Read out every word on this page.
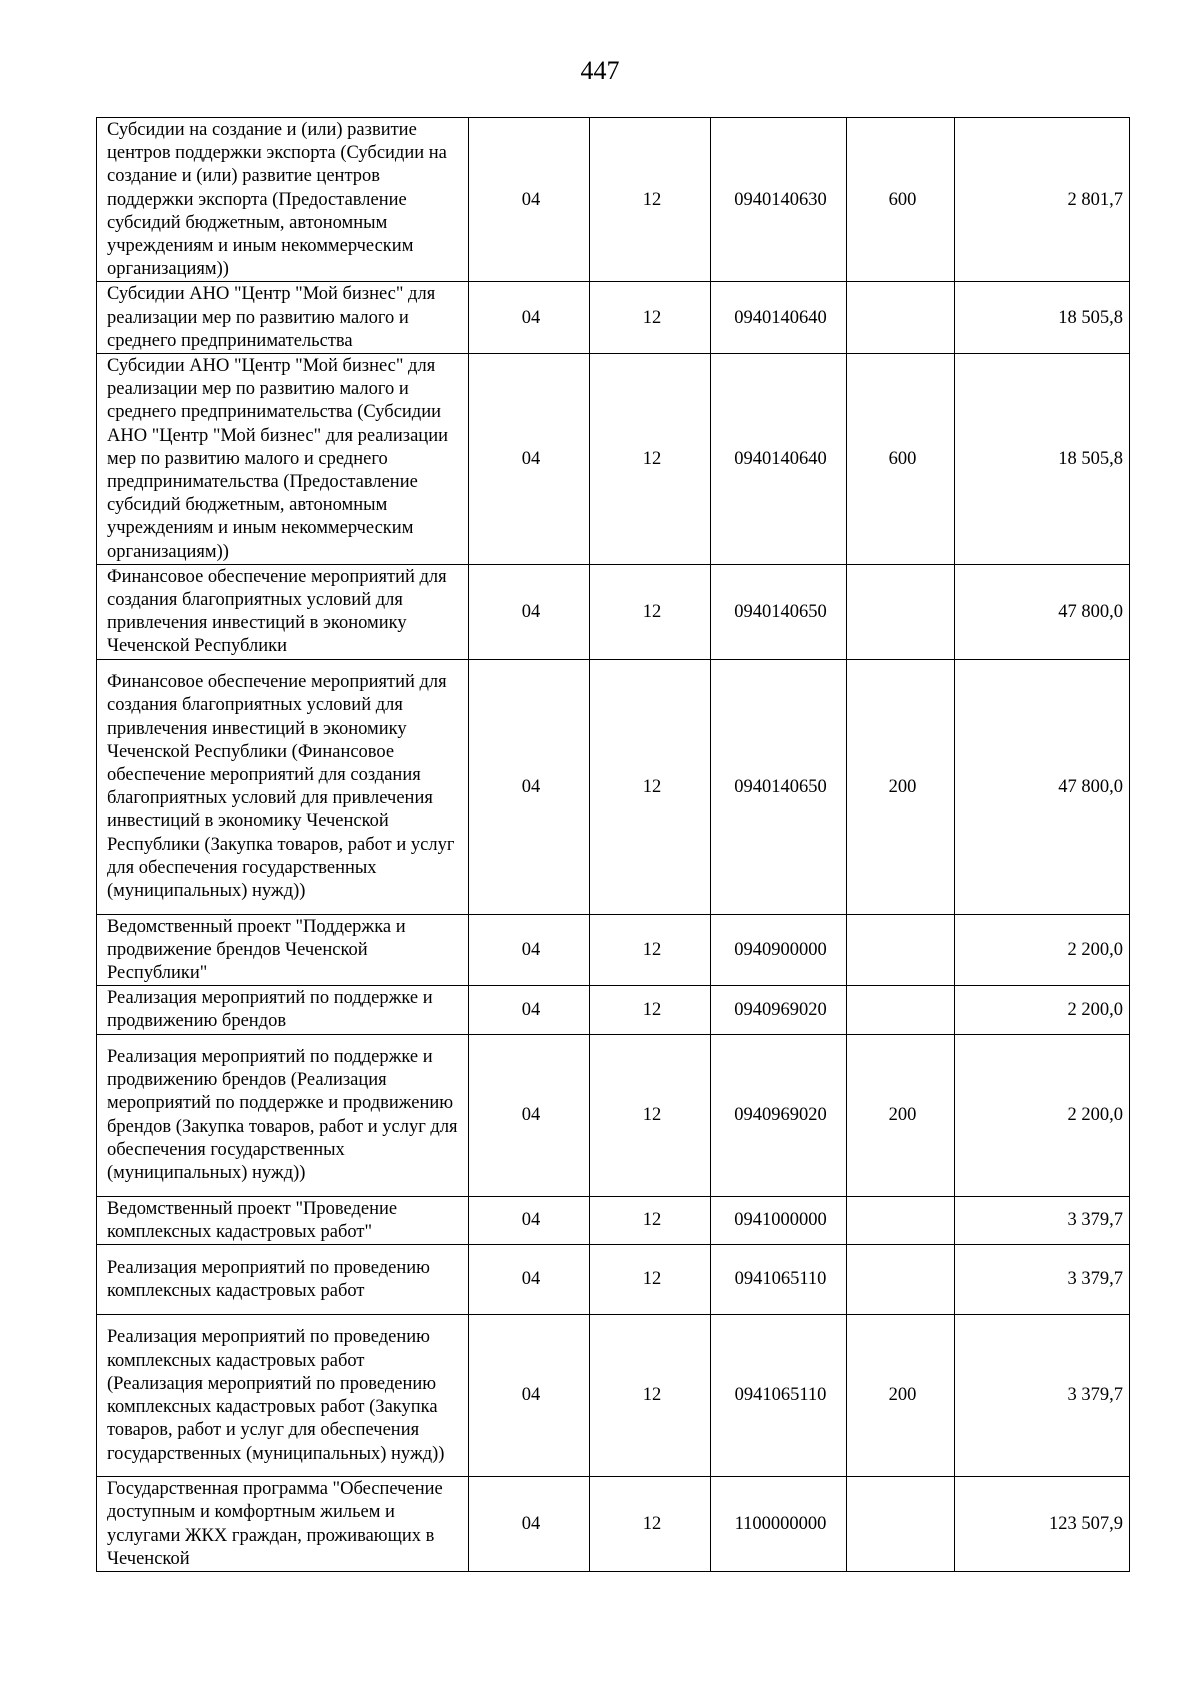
447
Субсидии на создание и (или) развитие центров поддержки экспорта (Субсидии на создание и (или) развитие центров поддержки экспорта (Предоставление субсидий бюджетным, автономным учреждениям и иным некоммерческим организациям))	04	12	0940140630	600	2 801,7
Субсидии АНО "Центр "Мой бизнес" для реализации мер по развитию малого и среднего предпринимательства	04	12	0940140640		18 505,8
Субсидии АНО "Центр "Мой бизнес" для реализации мер по развитию малого и среднего предпринимательства (Субсидии АНО "Центр "Мой бизнес" для реализации мер по развитию малого и среднего предпринимательства (Предоставление субсидий бюджетным, автономным учреждениям и иным некоммерческим организациям))	04	12	0940140640	600	18 505,8
Финансовое обеспечение мероприятий для создания благоприятных условий для привлечения инвестиций в экономику Чеченской Республики	04	12	0940140650		47 800,0
Финансовое обеспечение мероприятий для создания благоприятных условий для привлечения инвестиций в экономику Чеченской Республики (Финансовое обеспечение мероприятий для создания благоприятных условий для привлечения инвестиций в экономику Чеченской Республики (Закупка товаров, работ и услуг для обеспечения государственных (муниципальных) нужд))	04	12	0940140650	200	47 800,0
Ведомственный проект "Поддержка и продвижение брендов Чеченской Республики"	04	12	0940900000		2 200,0
Реализация мероприятий по поддержке и продвижению брендов	04	12	0940969020		2 200,0
Реализация мероприятий по поддержке и продвижению брендов (Реализация мероприятий по поддержке и продвижению брендов (Закупка товаров, работ и услуг для обеспечения государственных (муниципальных) нужд))	04	12	0940969020	200	2 200,0
Ведомственный проект "Проведение комплексных кадастровых работ"	04	12	0941000000		3 379,7
Реализация мероприятий по проведению комплексных кадастровых работ	04	12	0941065110		3 379,7
Реализация мероприятий по проведению комплексных кадастровых работ (Реализация мероприятий по проведению комплексных кадастровых работ (Закупка товаров, работ и услуг для обеспечения государственных (муниципальных) нужд))	04	12	0941065110	200	3 379,7
Государственная программа "Обеспечение доступным и комфортным жильем и услугами ЖКХ граждан, проживающих в Чеченской	04	12	1100000000		123 507,9
